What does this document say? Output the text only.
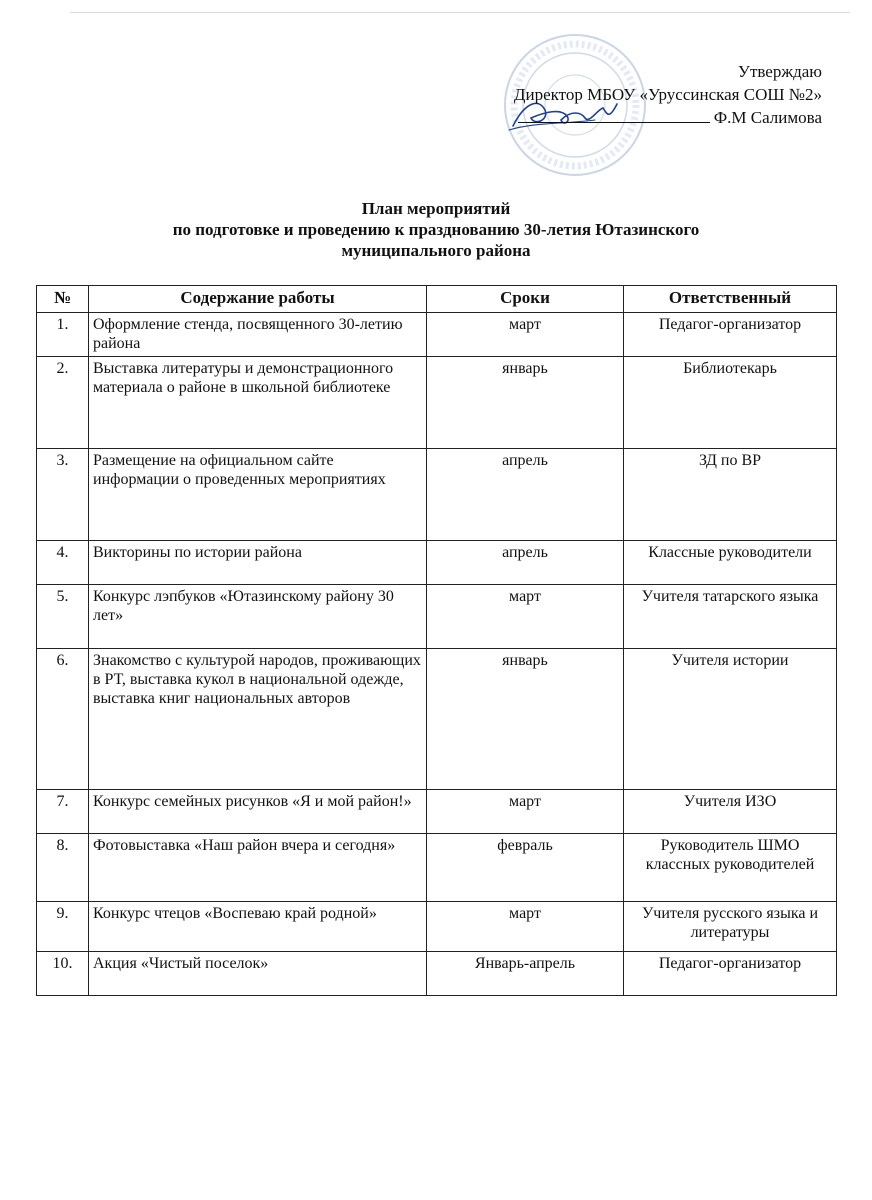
Утверждаю
Директор МБОУ «Уруссинская СОШ №2»
Ф.М Салимова
План мероприятий
по подготовке и проведению к празднованию 30-летия Ютазинского
муниципального района
№	Содержание работы	Сроки	Ответственный
1.	Оформление стенда, посвященного 30-летию района	март	Педагог-организатор
2.	Выставка литературы и демонстрационного материала о районе в школьной библиотеке	январь	Библиотекарь
3.	Размещение на официальном сайте информации о проведенных мероприятиях	апрель	ЗД по ВР
4.	Викторины по истории района	апрель	Классные руководители
5.	Конкурс лэпбуков «Ютазинскому району 30 лет»	март	Учителя татарского языка
6.	Знакомство с культурой народов, проживающих в РТ, выставка кукол в национальной одежде, выставка книг национальных авторов	январь	Учителя истории
7.	Конкурс семейных рисунков «Я и мой район!»	март	Учителя ИЗО
8.	Фотовыставка «Наш район вчера и сегодня»	февраль	Руководитель ШМО классных руководителей
9.	Конкурс чтецов «Воспеваю край родной»	март	Учителя русского языка и литературы
10.	Акция «Чистый поселок»	Январь-апрель	Педагог-организатор
